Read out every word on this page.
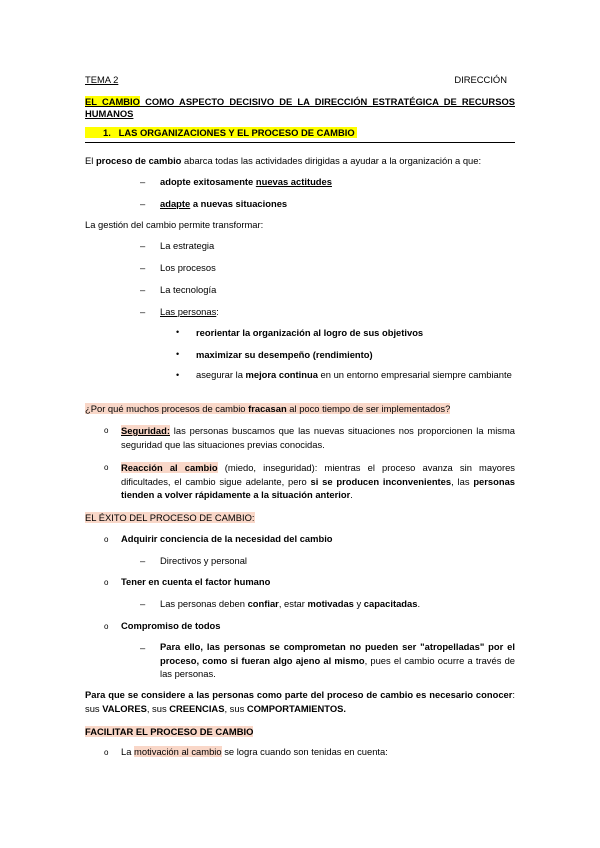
TEMA 2	DIRECCIÓN
EL CAMBIO COMO ASPECTO DECISIVO DE LA DIRECCIÓN ESTRATÉGICA DE RECURSOS HUMANOS
1. LAS ORGANIZACIONES Y EL PROCESO DE CAMBIO
El proceso de cambio abarca todas las actividades dirigidas a ayudar a la organización a que:
– adopte exitosamente nuevas actitudes
– adapte a nuevas situaciones
La gestión del cambio permite transformar:
– La estrategia
– Los procesos
– La tecnología
– Las personas:
• reorientar la organización al logro de sus objetivos
• maximizar su desempeño (rendimiento)
• asegurar la mejora continua en un entorno empresarial siempre cambiante
¿Por qué muchos procesos de cambio fracasan al poco tiempo de ser implementados?
o Seguridad: las personas buscamos que las nuevas situaciones nos proporcionen la misma seguridad que las situaciones previas conocidas.
o Reacción al cambio (miedo, inseguridad): mientras el proceso avanza sin mayores dificultades, el cambio sigue adelante, pero si se producen inconvenientes, las personas tienden a volver rápidamente a la situación anterior.
EL ÉXITO DEL PROCESO DE CAMBIO:
o Adquirir conciencia de la necesidad del cambio
– Directivos y personal
o Tener en cuenta el factor humano
– Las personas deben confiar, estar motivadas y capacitadas.
o Compromiso de todos
– Para ello, las personas se comprometan no pueden ser "atropelladas" por el proceso, como si fueran algo ajeno al mismo, pues el cambio ocurre a través de las personas.
Para que se considere a las personas como parte del proceso de cambio es necesario conocer: sus VALORES, sus CREENCIAS, sus COMPORTAMIENTOS.
FACILITAR EL PROCESO DE CAMBIO
o La motivación al cambio se logra cuando son tenidas en cuenta:
